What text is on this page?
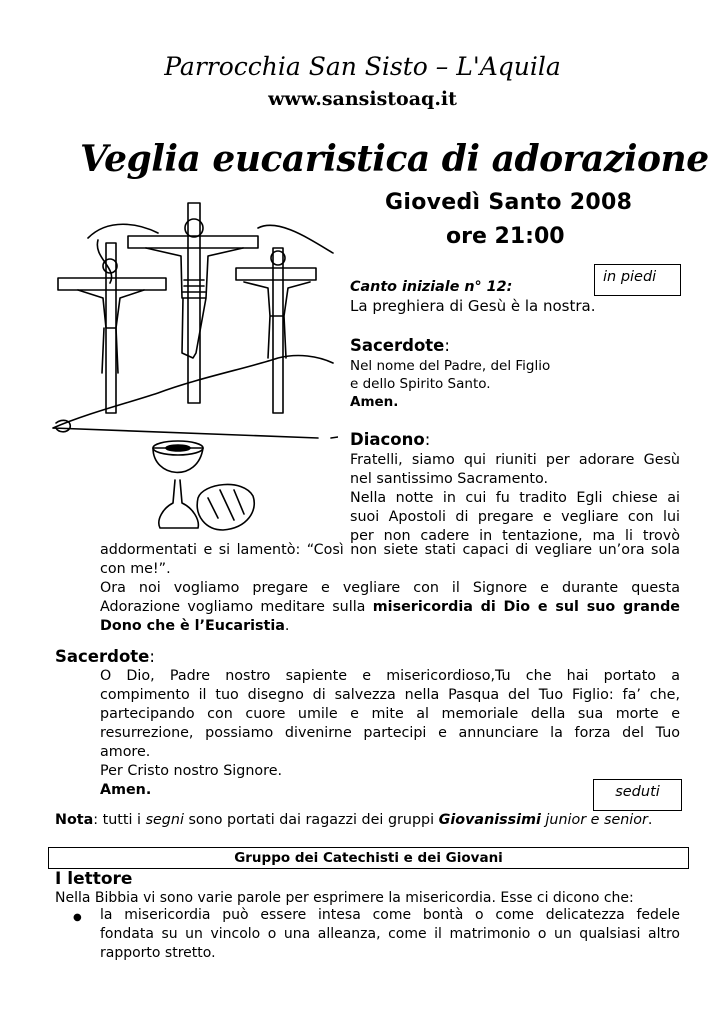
Parrocchia San Sisto – L'Aquila
www.sansistoaq.it
Veglia eucaristica di adorazione
Giovedì Santo 2008
ore 21:00
Canto iniziale n° 12:
La preghiera di Gesù è la nostra.
in piedi
Sacerdote:
Nel nome del Padre, del Figlio
e dello Spirito Santo.
Amen.
Diacono:
Fratelli, siamo qui riuniti per adorare Gesù
nel santissimo Sacramento.
Nella notte in cui fu tradito Egli chiese ai
suoi Apostoli di pregare e vegliare con lui
per non cadere in tentazione, ma li trovò
addormentati e si lamentò: “Così non siete stati capaci di vegliare un’ora sola
con me!”.
Ora noi vogliamo pregare e vegliare con il Signore e durante questa
Adorazione vogliamo meditare sulla misericordia di Dio e sul suo grande
Dono che è l’Eucaristia.
Sacerdote:
O Dio, Padre nostro sapiente e misericordioso,Tu che hai portato a
compimento il tuo disegno di salvezza nella Pasqua del Tuo Figlio: fa’ che,
partecipando con cuore umile e mite al memoriale della sua morte e
resurrezione, possiamo divenirne partecipi e annunciare la forza del Tuo
amore.
Per Cristo nostro Signore.
Amen.	seduti
Nota: tutti i segni sono portati dai ragazzi dei gruppi Giovanissimi junior e senior.
Gruppo dei Catechisti e dei Giovani
I lettore
Nella Bibbia vi sono varie parole per esprimere la misericordia. Esse ci dicono che:
● la misericordia può essere intesa come bontà o come delicatezza fedele
fondata su un vincolo o una alleanza, come il matrimonio o un qualsiasi altro
rapporto stretto.
